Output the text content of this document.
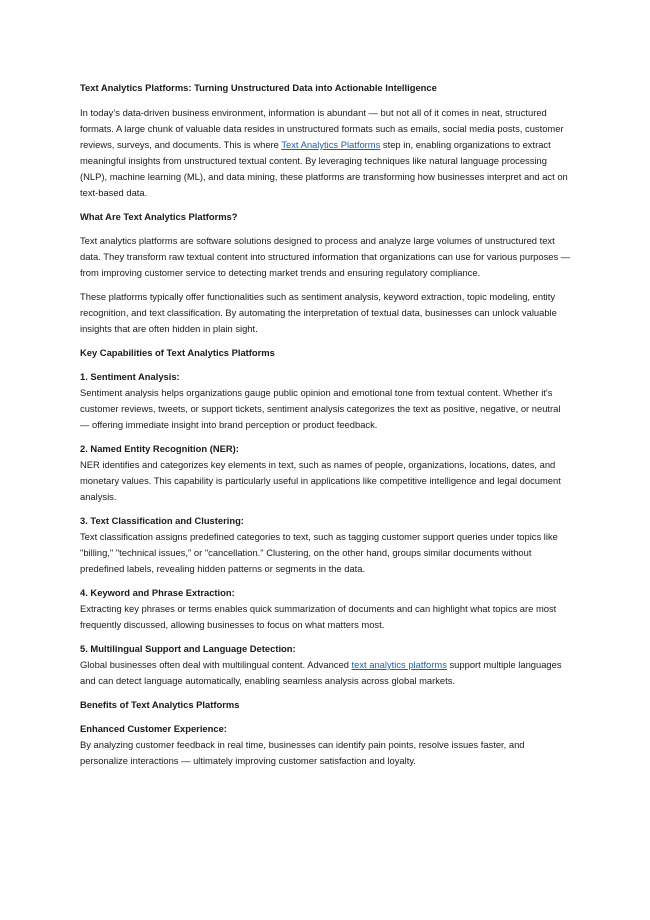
Text Analytics Platforms: Turning Unstructured Data into Actionable Intelligence
In today’s data-driven business environment, information is abundant — but not all of it comes in neat, structured formats. A large chunk of valuable data resides in unstructured formats such as emails, social media posts, customer reviews, surveys, and documents. This is where Text Analytics Platforms step in, enabling organizations to extract meaningful insights from unstructured textual content. By leveraging techniques like natural language processing (NLP), machine learning (ML), and data mining, these platforms are transforming how businesses interpret and act on text-based data.
What Are Text Analytics Platforms?
Text analytics platforms are software solutions designed to process and analyze large volumes of unstructured text data. They transform raw textual content into structured information that organizations can use for various purposes — from improving customer service to detecting market trends and ensuring regulatory compliance.
These platforms typically offer functionalities such as sentiment analysis, keyword extraction, topic modeling, entity recognition, and text classification. By automating the interpretation of textual data, businesses can unlock valuable insights that are often hidden in plain sight.
Key Capabilities of Text Analytics Platforms
1. Sentiment Analysis:
Sentiment analysis helps organizations gauge public opinion and emotional tone from textual content. Whether it's customer reviews, tweets, or support tickets, sentiment analysis categorizes the text as positive, negative, or neutral — offering immediate insight into brand perception or product feedback.
2. Named Entity Recognition (NER):
NER identifies and categorizes key elements in text, such as names of people, organizations, locations, dates, and monetary values. This capability is particularly useful in applications like competitive intelligence and legal document analysis.
3. Text Classification and Clustering:
Text classification assigns predefined categories to text, such as tagging customer support queries under topics like "billing," "technical issues," or "cancellation." Clustering, on the other hand, groups similar documents without predefined labels, revealing hidden patterns or segments in the data.
4. Keyword and Phrase Extraction:
Extracting key phrases or terms enables quick summarization of documents and can highlight what topics are most frequently discussed, allowing businesses to focus on what matters most.
5. Multilingual Support and Language Detection:
Global businesses often deal with multilingual content. Advanced text analytics platforms support multiple languages and can detect language automatically, enabling seamless analysis across global markets.
Benefits of Text Analytics Platforms
Enhanced Customer Experience:
By analyzing customer feedback in real time, businesses can identify pain points, resolve issues faster, and personalize interactions — ultimately improving customer satisfaction and loyalty.
